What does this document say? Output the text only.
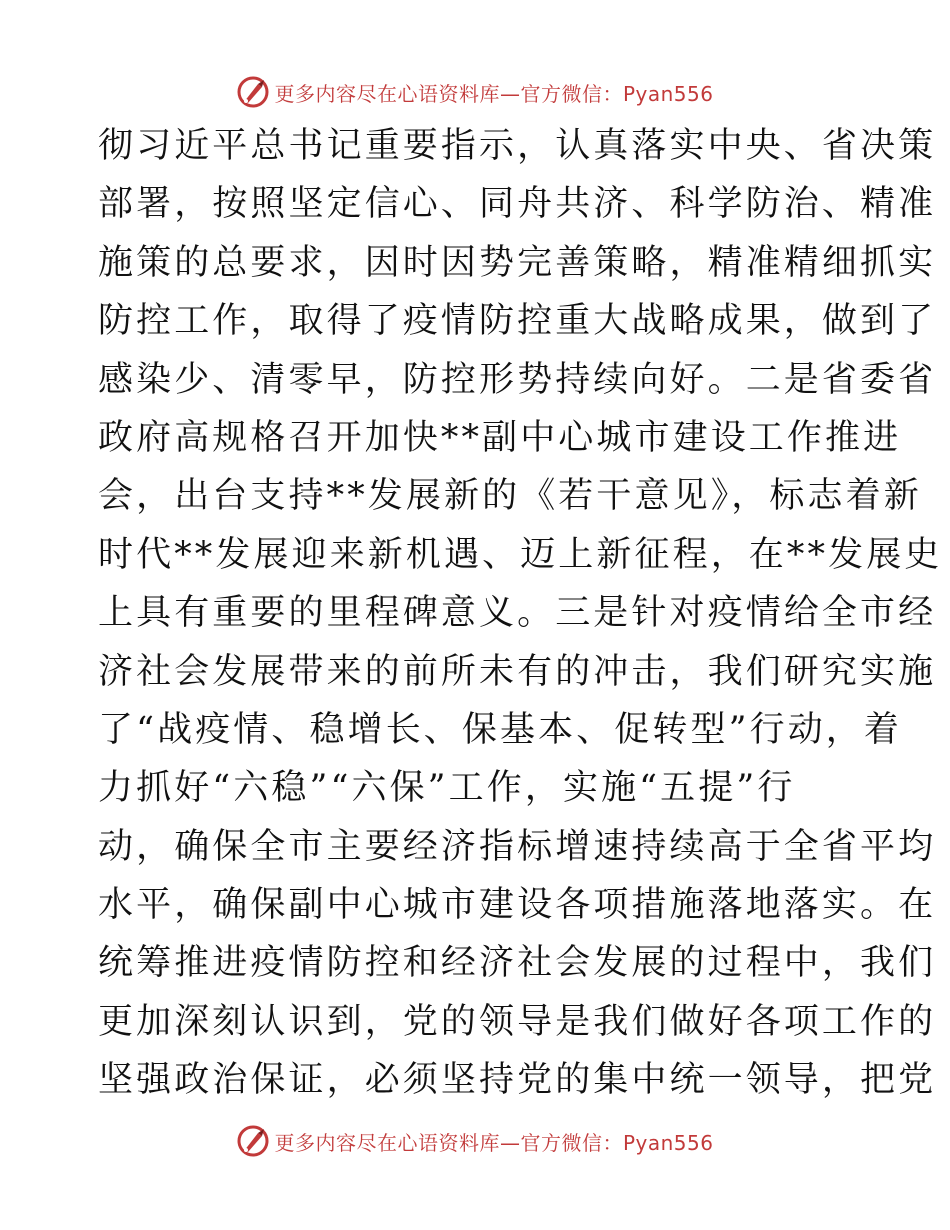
更多内容尽在心语资料库—官方微信：Pyan556
彻习近平总书记重要指示，认真落实中央、省决策
部署，按照坚定信心、同舟共济、科学防治、精准
施策的总要求，因时因势完善策略，精准精细抓实
防控工作，取得了疫情防控重大战略成果，做到了
感染少、清零早，防控形势持续向好。二是省委省
政府高规格召开加快**副中心城市建设工作推进
会，出台支持**发展新的《若干意见》，标志着新
时代**发展迎来新机遇、迈上新征程，在**发展史
上具有重要的里程碑意义。三是针对疫情给全市经
济社会发展带来的前所未有的冲击，我们研究实施
了“战疫情、稳增长、保基本、促转型”行动，着
力抓好“六稳”“六保”工作，实施“五提”行
动，确保全市主要经济指标增速持续高于全省平均
水平，确保副中心城市建设各项措施落地落实。在
统筹推进疫情防控和经济社会发展的过程中，我们
更加深刻认识到，党的领导是我们做好各项工作的
坚强政治保证，必须坚持党的集中统一领导，把党
更多内容尽在心语资料库—官方微信：Pyan556
